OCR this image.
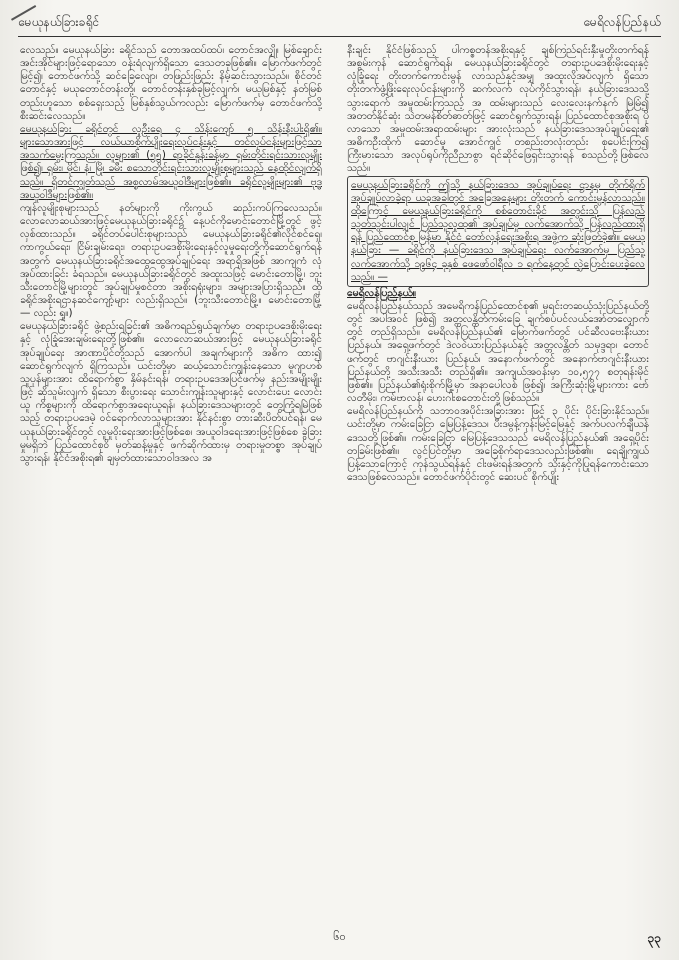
မေယုနယ်ခြားခရိုင်	မေရိလန်ပြည်နယ်

လေသည်။ မေယုနယ်ခြား ခရိုင်သည် တောအထပ်ထပ်၊ တောင်အလျှို၊ မြစ်ချောင်းအင်းအိုင်များဖြင့်ရောသော ဝန်းရံလျက်ရှိသော ဒေသတခုဖြစ်၏။ မြောက်ဖက်တွင်မြင့်၍၊ တောင်ဖက်သို့ ဆင်ခြေလျော၊ တဖြည်းဖြည်း နိမ့်ဆင်းသွားသည်။ စိုင်တင်တောင်နှင့် မယုတောင်တန်းတို့၊ တောင်တန်းနှစ်ခုမြင့်လျက်၊ မယုမြစ်နှင့် နတ်မြစ်တည်းဟူသော စစ်ရှေးသည့် မြစ်နှစ်သွယ်ကလည်း မြောက်ဖက်မှ တောင်ဖက်သို့ စီးဆင်းလေသည်။

မေယုနယ်ခြား ခရိုင်တွင် လူဦးရေ ၄ သိန်းကျော် ၅ သိန်းနီးပါးရှိ၏။ များသောအားဖြင့် လယ်ယာစိုက်ပျိုးရေးလုပ်ငန်းနှင့် တင်လုပ်ငန်းများဖြင့်သာ အသက်မွေးကြသည်။ လူများ၏ (၅၅) ရာခိုင်နှုန်းခန့်မှာ ရှမ်းတိုင်းရင်းသားလူမျိုးဖြစ်၍၊ ရှမ်း၊ မိုင်၊ နံ၊ မြို၊ ခမီး စသောတိုင်းရင်းသားလူမျိုးစုများသည် နေထိုင်လျက်ရှိသည်။ ရှိတင်ကျွတ်သည် အစ္စလာမ်အယူဝါဒီများဖြစ်၏။ ခရိုင်လူမျိုးများ၏ ဗုဒ္ဓအယူဝါဒီများဖြစ်၏။

ကျန်လူမျိုးစုများသည် နတ်များကို ကိုးကွယ် ဆည်းကပ်ကြလေသည်။ လောလောဆယ်အားဖြင့်မေယုနယ်ခြားခရိုင်၌ နေ့ပင်ကိုမောင်းတောင်မြို့တွင် ဖွင့်လှစ်ထားသည်။ ခရိုင်တပ်ပေါင်းစုများသည် မေယုနယ်ခြားခရိုင်၏လိုင်စင်ရှေ၊ ကာကွယ်ရေး၊ ငြိမ်းချမ်းရေး၊ တရားဥပဒေစိုးမိုးရေးနှင့်လူမှုရေးတို့ကိုဆောင်ရွက်ရန်အတွက် မေယုနယ်ခြားခရိုင်အထွေထွေအုပ်ချုပ်ရေး အရာရှိအဖြစ် အာကျကံ လုံအုပ်ထားခြင်း ခံရသည်။ မေယုနယ်ခြားခရိုင်တွင် အထူးသဖြင့် မောင်းတောမြို့၊ ဘူးသီးတောင်မြို့များတွင် အုပ်ချုပ်မှုစင်တာ အစိုးရရုံးများ၊ အများအပြားရှိသည်။ ထိုခရိုင်အစိုးရဌာနဆင်ကျော့်များ လည်းရှိသည်။ (ဘူးသီးတောင်မြို့။ မောင်းတောမြို့ — လည်း ရှု။)

မေယုနယ်ခြားခရိုင် ဖွဲ့စည်းရခြင်း၏ အဓိကရည်ရွယ်ချက်မှာ တရားဥပဒေစိုးမိုးရေးနှင့် လုံခြုံအေးချမ်းရေးတို့ဖြစ်၏။ လောလောဆယ်အားဖြင့် မေယုနယ်ခြားခရိုင် အုပ်ချုပ်ရေး အာဏာပိုင်တို့သည် အောက်ပါ အချက်များကို အဓိက ထား၍ ဆောင်ရွက်လျက် ရှိကြသည်။ ယင်းတို့မှာ ဆယ့်သောင်းကျွန်းနေသော မူဂျာဟစ် သူပုန်များအား ထိရောက်စွာ နှိမ်နင်းရန်၊ တရားဥပဒေအပြင်ဖက်မှ နည်းအမျိုးမျိုးဖြင့် ဆိုသူမ်းလျက် ရှိသော စီးပွားရေး သောင်းကျန်းသူများနှင့် လောင်းပေး လောင်းယူ ကိစ္စများကို ထိရောက်စွာအရေးယူရန်၊ နယ်ခြားဒေသများတွင် တွေ့ကြုံရမြဲဖြစ်သည့် တရားဥပဒေမဲ့ ဝင်ရောက်လာသူများအား နိုင်နင်းစွာ တားဆီးပိတ်ပင်ရန်၊ မေယုနယ်ခြားခရိုင်တွင် လူမှုဝိုးရေးအားဖြင့်ဖြစ်စေ၊ အယူဝါဒရေးအားဖြင့်ဖြစ်စေ ခွဲခြားမှုမရှိဘဲ ပြည်ထောင်စုဝိ မှတ်ဆန့်မှုနှင့် ဖက်ဆိုက်ထားမှ တရားမှုတစ္စာ အုပ်ချုပ်သွားရန်၊ နိုင်ငံအစိုးရ၏ ချမှတ်ထားသောဝါဒအလ အ

နီးချင်း နိုင်ငံဖြစ်သည့် ပါကစ္စတန်အစိုးရနှင့် ချစ်ကြည်ရင်းနှီးမှုတိုးတက်ရန် အစွမ်းကုန် ဆောင်ရွက်ရန်၊ မေယုနယ်ခြားခရိုင်တွင် တရားဥပဒေစိုးမိုးရေးနှင့် လုံခြုံရေး တိုးတက်ကောင်းမွန် လာသည်နှင့်အမျှ အထူးလိုအပ်လျက် ရှိသော တိုးတက်ဖွံ့ဖြိုးရေးလုပ်ငန်းများကို ဆက်လက် လုပ်ကိုင်သွားရန်၊ နယ်ခြားဒေသသို့ သွားရောက် အမှုထမ်းကြသည့် အ ထမ်းများသည် လေးလေးနက်နက် မြဲမြံ၍ အတတ်နိုင်ဆုံး သဲတမန်စိတ်ဓာတ်ဖြင့် ဆောင်ရွက်သွားရန်၊ ပြည်ထောင်စုအစိုးရ ပိုလာသော အမှုထမ်းအရာထမ်းများ အားလုံးသည် နယ်ခြားဒေသအုပ်ချုပ်ရေး၏ အဓိကဦးထိုက် ဆောင်မှု အောင်ကျွင် တစည်းတလုံးတည်း စုပေါင်းကြ၍ ကြီးမားသော အလုပ်ရုပ်ကိုညီညာစွာ ရင်ဆိုင်ဖြေရှင်းသွားရန် စသည်တို့ဖြစ်လေသည်။

မေယုနယ်ခြားခရိုင်ကို ဤသို့ နယ်ခြားဒေသ အုပ်ချုပ်ရေး ဌာနမှ တိုက်ရိုက် အုပ်ချုပ်လာခဲ့ရာ ယခုအခါတွင် အခြေအနေများ တိုးတက် ကောင်းမွန်လာသည်။ ထိုကြောင့် မေယုနယ်ခြားခရိုင်ကို စစ်တောင်းခိုင် အတွင်းသို့ ပြန်လည် သွတ်သွင်းပါလျှင် ပြည်သူလူထု၏ အုပ်ချုပ်မှု လက်အောက်သို့ ပြန်လည်ထားရှိရန် ပြည်ထောင်စု မြန်မာ နိုင်ငံ တော်လှန်ရေးအစိုးရ အဖွဲ့က ဆုံးဖြတ်ခဲ့၏။ မေယု နယ်ခြား — ခရိုင်ကို နယ်ခြားဒေသ အုပ်ချုပ်ရေး လက်အောက်မှ ပြည်သူ့လက်အောက်သို့ ၁၉၆၄ ခုနှစ် ဖေဖော်ဝါရီလ ၁ ရက်နေ့တွင် လွှဲပြောင်းပေးခဲ့လေသည်။ —

မေရိလန်ပြည်နယ်။

မေရိလန်ပြည်နယ်သည် အမေရိကန်ပြည်ထောင်စု၏ မူရင်းတဆယ့်သုံးပြည်နယ်တို့တွင် အပါအဝင် ဖြစ်၍ အတ္တလန္တိတ်ကမ်းခြေ ချက်စပ်ပင်လယ်အော်တလျှောက်တွင် တည်ရှိသည်။ မေရိလန်ပြည်နယ်၏ မြောက်ဖက်တွင် ပင်ဆီလဗေးနီးယားပြည်နယ်၊ အရှေ့ဖက်တွင် ဒဲလဝဲယားပြည်နယ်နှင့် အတ္တလန္တိတ် သမုဒ္ဒရာ၊ တောင်ဖက်တွင် ဗာဂျင်းနီးယား ပြည်နယ်၊ အနောက်ဖက်တွင် အနောက်ဗာဂျင်းနီးယားပြည်နယ်တို့ အသီးအသီး တည်ရှိ၏။ အကျယ်အဝန်းမှာ ၁၀,၅၇၇ စတုရန်းမိုင်ဖြစ်၏။ ပြည်နယ်၏ရုံးစိုက်မြို့မှာ အနာပေါလစ် ဖြစ်၍၊ အကြီးဆုံးမြို့များကား ဗော်လတီမိုး၊ ကမ်ဗာလန်၊ ဟေးဂါးစတောင်းတို့ဖြစ်သည်။

မေရိလန်ပြည်နယ်ကို သဘာဝအပိုင်းအခြားအား ဖြင့် ၃ ပိုင်း ပိုင်းခြားနိုင်သည်။ ယင်းတို့မှာ ကမ်းခြေငြာ မြေပြန့်ဒေသ၊ ပီးဒမွန့်ကုန်းမြင့်မြေနှင့် အက်ပလက်ချီယန် ဒေသတို့ဖြစ်၏။ ကမ်းခြေငြာ မြေပြန့်ဒေသသည် မေရိလန်ပြည်နယ်၏ အရှေ့ပိုင်း တခြမ်းဖြစ်၏။ လွင်ပြင်တို့မှာ အခြေစိုက်ရာဒေသလည်းဖြစ်၏။ ရေချိုကျွယ်ပြန့်သောကြောင့် ကုန်သွယ်ရန်နှင့် ငါးဖမ်းရန်အတွက် သိုးနှင့်ကိုပြုရန်ကောင်းသောဒေသဖြစ်လေသည်။ တောင်ဖက်ပိုင်းတွင် ဆေးပင် စိုက်ပျိုး

၆၀	၃၃
